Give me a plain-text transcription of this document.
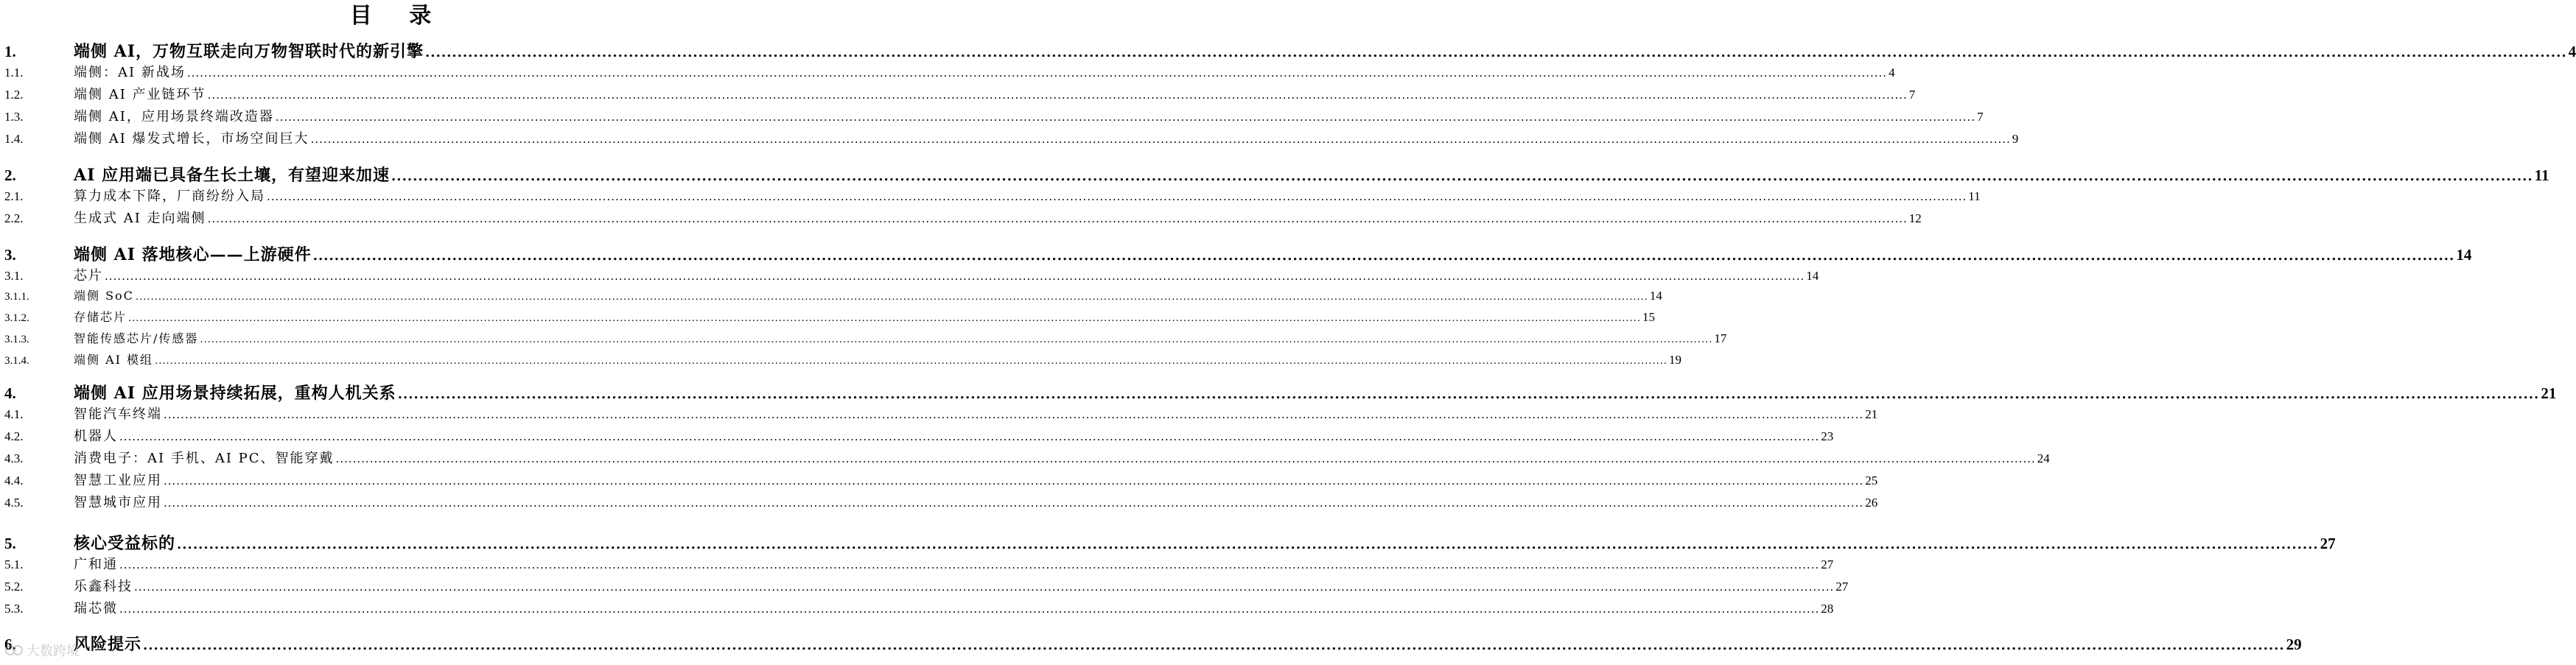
目 录
1.	端侧 AI，万物互联走向万物智联时代的新引擎 ................................................................................................................................................................................................................................................................................................................................................................................................................ 4
1.1.	端侧：AI 新战场 ................................................................................................................................................................................................................................................................................................................................................................................................................ 4
1.2.	端侧 AI 产业链环节 ................................................................................................................................................................................................................................................................................................................................................................................................................ 7
1.3.	端侧 AI，应用场景终端改造器 ................................................................................................................................................................................................................................................................................................................................................................................................................ 7
1.4.	端侧 AI 爆发式增长，市场空间巨大 ................................................................................................................................................................................................................................................................................................................................................................................................................ 9
2.	AI 应用端已具备生长土壤，有望迎来加速 ................................................................................................................................................................................................................................................................................................................................................................................................................ 11
2.1.	算力成本下降，厂商纷纷入局 ................................................................................................................................................................................................................................................................................................................................................................................................................ 11
2.2.	生成式 AI 走向端侧 ................................................................................................................................................................................................................................................................................................................................................................................................................ 12
3.	端侧 AI 落地核心——上游硬件 ................................................................................................................................................................................................................................................................................................................................................................................................................ 14
3.1.	芯片 ................................................................................................................................................................................................................................................................................................................................................................................................................ 14
3.1.1.	端侧 SoC ................................................................................................................................................................................................................................................................................................................................................................................................................ 14
3.1.2.	存储芯片 ................................................................................................................................................................................................................................................................................................................................................................................................................ 15
3.1.3.	智能传感芯片/传感器 ................................................................................................................................................................................................................................................................................................................................................................................................................ 17
3.1.4.	端侧 AI 模组 ................................................................................................................................................................................................................................................................................................................................................................................................................ 19
4.	端侧 AI 应用场景持续拓展，重构人机关系 ................................................................................................................................................................................................................................................................................................................................................................................................................ 21
4.1.	智能汽车终端 ................................................................................................................................................................................................................................................................................................................................................................................................................ 21
4.2.	机器人 ................................................................................................................................................................................................................................................................................................................................................................................................................ 23
4.3.	消费电子：AI 手机、AI PC、智能穿戴 ................................................................................................................................................................................................................................................................................................................................................................................................................ 24
4.4.	智慧工业应用 ................................................................................................................................................................................................................................................................................................................................................................................................................ 25
4.5.	智慧城市应用 ................................................................................................................................................................................................................................................................................................................................................................................................................ 26
5.	核心受益标的 ................................................................................................................................................................................................................................................................................................................................................................................................................ 27
5.1.	广和通 ................................................................................................................................................................................................................................................................................................................................................................................................................ 27
5.2.	乐鑫科技 ................................................................................................................................................................................................................................................................................................................................................................................................................ 27
5.3.	瑞芯微 ................................................................................................................................................................................................................................................................................................................................................................................................................ 28
6.	风险提示 ................................................................................................................................................................................................................................................................................................................................................................................................................ 29
大数跨境
